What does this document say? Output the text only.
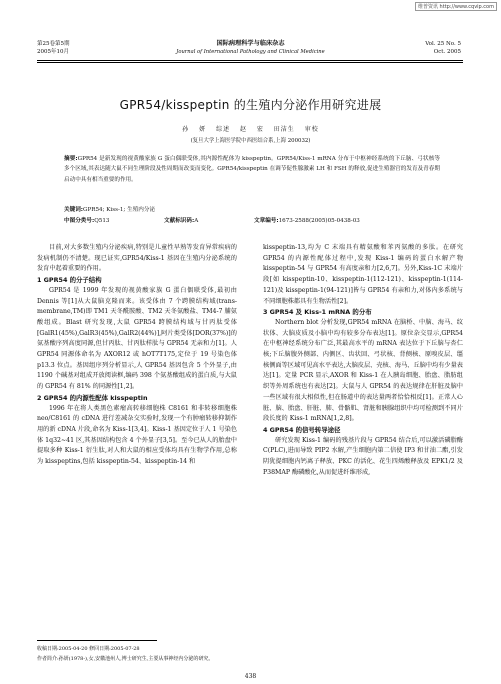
维普资讯 http://www.cqvip.com
第25卷第5期
2005年10月
国际病理科学与临床杂志
Journal of International Pathology and Clinical Medicine
Vol. 25 No. 5
Oct. 2005
GPR54/kisspeptin 的生殖内分泌作用研究进展
孙 妍 综述 赵 宏 田洁生 审校
(复旦大学上海医学院中西医结合系,上海 200032)
摘要:GPR54 是新发现的视黄酸家族 G 蛋白偶联受体,其内源性配体为 kisspeptin。GPR54/Kiss-1 mRNA 分布于中枢神经系统的下丘脑、弓状核等多个区域,其表达随大鼠不同生理阶段及性周期而改变而变化。GPR54/kisspeptin 在调节促性腺激素 LH 和 FSH 的释放,促进生殖器官的发育及青春期启动中具有相当重要的作用。
关键词:GPR54; Kiss-1; 生殖内分泌
中图分类号:Q513	文献标识码:A	文章编号:1673-2588(2005)05-0438-03

目前,对大多数生殖内分泌疾病,特别是儿童性早熟等发育异常疾病的发病机制仍不清楚。现已证实,GPR54/Kiss-1 基因在生殖内分泌系统的发育中起着重要的作用。

1 GPR54 的分子结构

GPR54 是 1999 年发现的视黄酸家族 G 蛋白偶联受体,最初由 Dennis 等[1]从大鼠脑克隆而来。该受体由 7 个跨膜结构域(trans-membrane,TM)即 TM1 天冬酰胺酸、TM2 天冬氨酸盐、TM4-7 脯氨酸组成。Blast 研究发现,大鼠 GPR54 跨膜结构域与甘丙肽受体[GalR1(45%),GalR3(45%),GalR2(44%)],阿片类受体[DOR(37%)]的氨基酸序列高度同源,但甘丙肽、甘丙肽样肽与 GPR54 无亲和力[1]。人 GPR54 同源体命名为 AXOR12 或 hOT7T175,定位于 19 号染色体 p13.3 位点。基因组序列分析显示,人 GPR54 基因包含 5 个外显子,由 1190 个碱基对组成开放阅读框,编码 398 个氨基酸组成的蛋白质,与大鼠的 GPR54 有 81% 的同源性[1,2]。

2 GPR54 的内源性配体 kisspeptin

1996 年在将人类黑色素瘤高转移细胞株 C8161 和非转移细胞株 neo/C8161 的 cDNA 进行差减杂交实验时,发现一个有肿瘤转移抑制作用的新 cDNA 片段,命名为 Kiss-1[3,4]。Kiss-1 基因定位于人 1 号染色体 1q32~41 区,其基因结构包含 4 个外显子[3,5]。至今已从人的胎盘中提取多种 Kiss-1 衍生肽,对人和大鼠的相应受体均具有生物学作用,总称为 kisspeptins,包括 kisspeptin-54、kisspeptin-14 和

kisspeptin-13,均为 C 末端具有精氨酸和苯丙氨酸的多肽。在研究 GPR54 的内源性配体过程中,发现 Kiss-1 编码的蛋白水解产物 kisspeptin-54 与 GPR54 有高度亲和力[2,6,7]。另外,Kiss-1C 末端片段[如 kisspeptin-10、kisspeptin-1(112-121)、kisspeptin-1(114-121)及 kisspeptin-1(94-121)]皆与 GPR54 有亲和力,对体内多系统与不同细胞株都具有生物活性[2]。

3 GPR54 及 Kiss-1 mRNA 的分布

Northern blot 分析发现,GPR54 mRNA 在脑桥、中脑、海马、纹状体、大脑皮质及小脑中均有较多分布表达[1]。原位杂交显示,GPR54 在中枢神经系统分布广泛,其最高水平的 mRNA 表达位于下丘脑与杏仁核;下丘脑腹外侧部、内侧区、齿状回、弓状核、背侧核、原嗅皮层、缰核侧面等区域可见高水平表达,大脑皮层、壳核、海马、丘脑中均有少量表达[1]。定量 PCR 显示,AXOR 和 Kiss-1 在人胰岛细胞、胎盘、脂肪组织等外周系统也有表达[2]。大鼠与人 GPR54 的表达规律在肝脏及脑中一些区域有很大相似性,但在肠道中的表达量两者恰恰相反[1]。正常人心脏、脑、胎盘、肝脏、肺、骨骼肌、肾脏和胰腺组织中均可检测到不同片段长度的 Kiss-1 mRNA[1,2,8]。

4 GPR54 的信号转导途径

研究发现 Kiss-1 编码的残基片段与 GPR54 结合后,可以激活磷脂酶 C(PLC),进而导致 PIP2 水解,产生细胞内第二信使 IP3 和甘油二酯,引发阴犹提细胞内钙离子释放、PKC 的活化、花生四烯酸释放及 EPK1/2 及 P38MAP 酶磷酸化,从而促进纤维形成,

收稿日期:2005-04-20 修回日期:2005-07-28
作者简介:孙妍(1978-),女,安徽池州人,博士研究生,主要从事神经内分泌的研究。
438
